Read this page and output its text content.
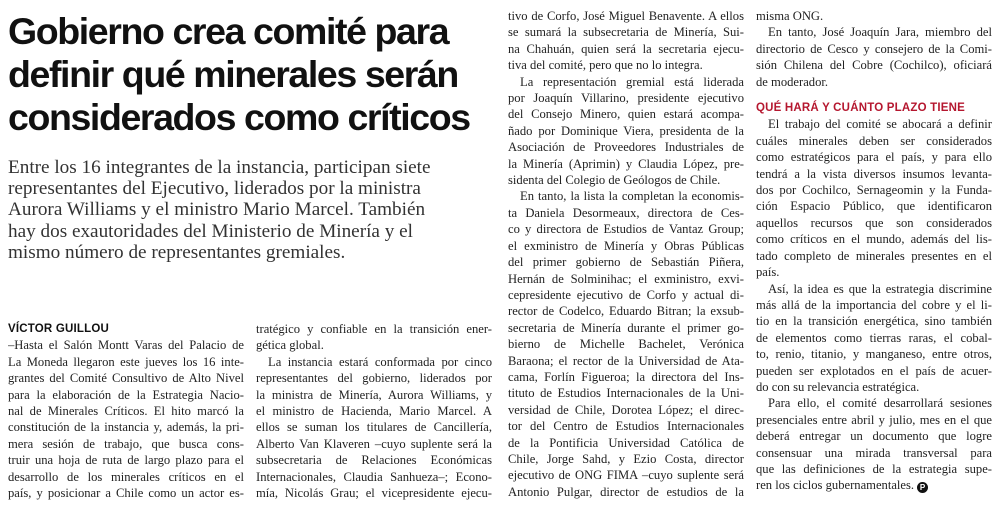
Gobierno crea comité para
definir qué minerales serán
considerados como críticos

Entre los 16 integrantes de la instancia, participan siete
representantes del Ejecutivo, liderados por la ministra
Aurora Williams y el ministro Mario Marcel. También
hay dos exautoridades del Ministerio de Minería y el
mismo número de representantes gremiales.

VÍCTOR GUILLOU
–Hasta el Salón Montt Varas del Palacio de
La Moneda llegaron este jueves los 16 inte-
grantes del Comité Consultivo de Alto Nivel
para la elaboración de la Estrategia Nacio-
nal de Minerales Críticos. El hito marcó la
constitución de la instancia y, además, la pri-
mera sesión de trabajo, que busca cons-
truir una hoja de ruta de largo plazo para el
desarrollo de los minerales críticos en el
país, y posicionar a Chile como un actor es-
tratégico y confiable en la transición ener-
gética global.
La instancia estará conformada por cinco
representantes del gobierno, liderados por
la ministra de Minería, Aurora Williams, y
el ministro de Hacienda, Mario Marcel. A
ellos se suman los titulares de Cancillería,
Alberto Van Klaveren –cuyo suplente será la
subsecretaria de Relaciones Económicas
Internacionales, Claudia Sanhueza–; Econo-
mía, Nicolás Grau; el vicepresidente ejecu-
tivo de Corfo, José Miguel Benavente. A ellos
se sumará la subsecretaria de Minería, Sui-
na Chahuán, quien será la secretaria ejecu-
tiva del comité, pero que no lo integra.
La representación gremial está liderada
por Joaquín Villarino, presidente ejecutivo
del Consejo Minero, quien estará acompa-
ñado por Dominique Viera, presidenta de la
Asociación de Proveedores Industriales de
la Minería (Aprimin) y Claudia López, pre-
sidenta del Colegio de Geólogos de Chile.
En tanto, la lista la completan la economis-
ta Daniela Desormeaux, directora de Ces-
co y directora de Estudios de Vantaz Group;
el exministro de Minería y Obras Públicas
del primer gobierno de Sebastián Piñera,
Hernán de Solminihac; el exministro, exvi-
cepresidente ejecutivo de Corfo y actual di-
rector de Codelco, Eduardo Bitran; la exsub-
secretaria de Minería durante el primer go-
bierno de Michelle Bachelet, Verónica
Baraona; el rector de la Universidad de Ata-
cama, Forlín Figueroa; la directora del Ins-
tituto de Estudios Internacionales de la Uni-
versidad de Chile, Dorotea López; el direc-
tor del Centro de Estudios Internacionales
de la Pontificia Universidad Católica de
Chile, Jorge Sahd, y Ezio Costa, director
ejecutivo de ONG FIMA –cuyo suplente será
Antonio Pulgar, director de estudios de la
misma ONG.
En tanto, José Joaquín Jara, miembro del
directorio de Cesco y consejero de la Comi-
sión Chilena del Cobre (Cochilco), oficiará
de moderador.
QUÉ HARÁ Y CUÁNTO PLAZO TIENE
El trabajo del comité se abocará a definir
cuáles minerales deben ser considerados
como estratégicos para el país, y para ello
tendrá a la vista diversos insumos levanta-
dos por Cochilco, Sernageomin y la Funda-
ción Espacio Público, que identificaron
aquellos recursos que son considerados
como críticos en el mundo, además del lis-
tado completo de minerales presentes en el
país.
Así, la idea es que la estrategia discrimine
más allá de la importancia del cobre y el li-
tio en la transición energética, sino también
de elementos como tierras raras, el cobal-
to, renio, titanio, y manganeso, entre otros,
pueden ser explotados en el país de acuer-
do con su relevancia estratégica.
Para ello, el comité desarrollará sesiones
presenciales entre abril y julio, mes en el que
deberá entregar un documento que logre
consensuar una mirada transversal para
que las definiciones de la estrategia supe-
ren los ciclos gubernamentales. P
